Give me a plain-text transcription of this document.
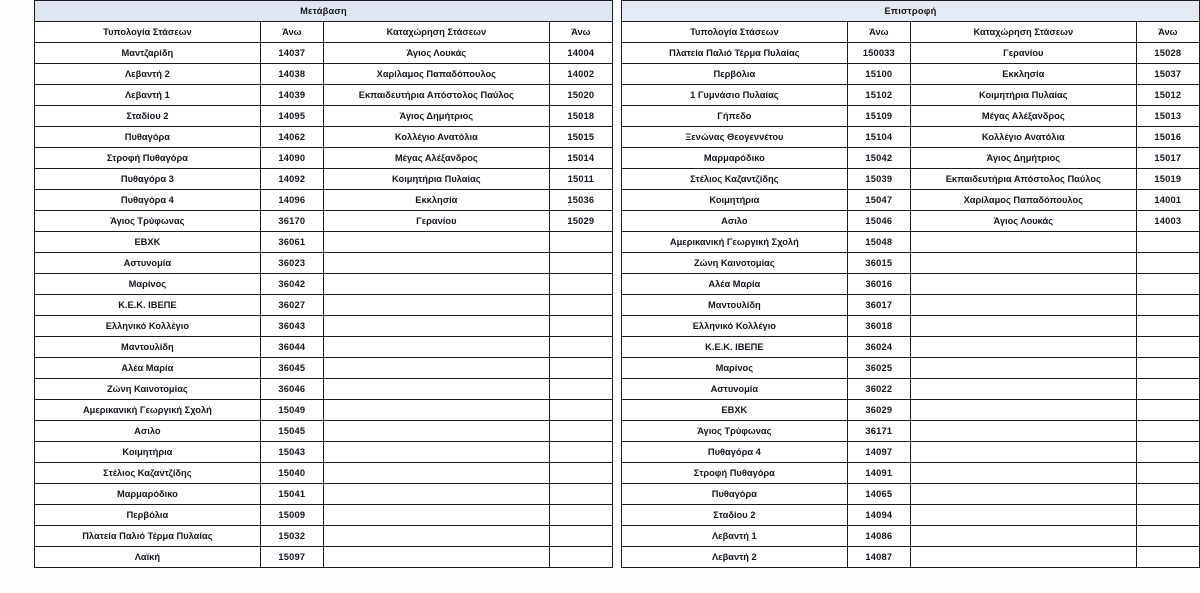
Μετάβαση					Επιστροφή			
Τυπολογία Στάσεων	Άνω	Καταχώρηση Στάσεων	Άνω		Τυπολογία Στάσεων	Άνω	Καταχώρηση Στάσεων	Άνω
Μαντζαρίδη	14037	Άγιος Λουκάς	14004		Πλατεία Παλιό Τέρμα Πυλαίας	150033	Γερανίου	15028
Λεβαντή 2	14038	Χαρίλαμος Παπαδόπουλος	14002		Περβόλια	15100	Εκκλησία	15037
Λεβαντή 1	14039	Εκπαιδευτήρια Απόστολος Παύλος	15020		1 Γυμνάσιο Πυλαίας	15102	Κοιμητήρια Πυλαίας	15012
Σταδίου 2	14095	Άγιος Δημήτριος	15018		Γήπεδο	15109	Μέγας Αλέξανδρος	15013
Πυθαγόρα	14062	Κολλέγιο Ανατόλια	15015		Ξενώνας Θεογεννέτου	15104	Κολλέγιο Ανατόλια	15016
Στροφή Πυθαγόρα	14090	Μέγας Αλέξανδρος	15014		Μαρμαρόδικο	15042	Άγιος Δημήτριος	15017
Πυθαγόρα 3	14092	Κοιμητήρια Πυλαίας	15011		Στέλιος Καζαντζίδης	15039	Εκπαιδευτήρια Απόστολος Παύλος	15019
Πυθαγόρα 4	14096	Εκκλησία	15036		Κοιμητήρια	15047	Χαρίλαμος Παπαδόπουλος	14001
Άγιος Τρύφωνας	36170	Γερανίου	15029		Ασιλο	15046	Άγιος Λουκάς	14003
ΕΒΧΚ	36061				Αμερικανική Γεωργική Σχολή	15048		
Αστυνομία	36023				Ζώνη Καινοτομίας	36015		
Μαρίνος	36042				Αλέα Μαρία	36016		
Κ.Ε.Κ. ΙΒΕΠΕ	36027				Μαντουλίδη	36017		
Ελληνικό Κολλέγιο	36043				Ελληνικό Κολλέγιο	36018		
Μαντουλίδη	36044				Κ.Ε.Κ. ΙΒΕΠΕ	36024		
Αλέα Μαρία	36045				Μαρίνος	36025		
Ζώνη Καινοτομίας	36046				Αστυνομία	36022		
Αμερικανική Γεωργική Σχολή	15049				ΕΒΧΚ	36029		
Ασιλο	15045				Άγιος Τρύφωνας	36171		
Κοιμητήρια	15043				Πυθαγόρα 4	14097		
Στέλιος Καζαντζίδης	15040				Στροφή Πυθαγόρα	14091		
Μαρμαρόδικο	15041				Πυθαγόρα	14065		
Περβόλια	15009				Σταδίου 2	14094		
Πλατεία Παλιό Τέρμα Πυλαίας	15032				Λεβαντή 1	14086		
Λαϊκή	15097				Λεβαντή 2	14087		
